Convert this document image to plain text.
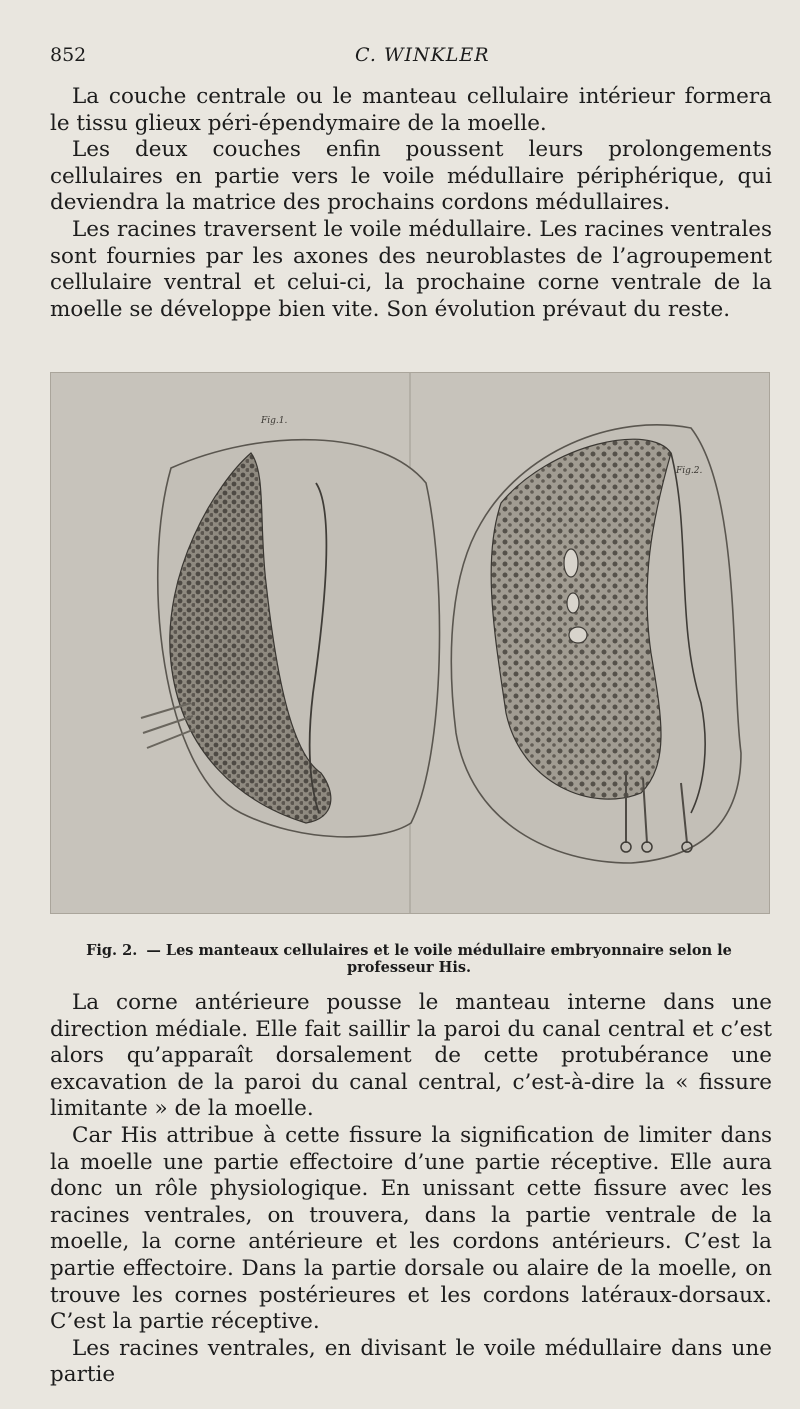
852	C. WINKLER

La couche centrale ou le manteau cellulaire intérieur formera le tissu glieux péri-épendymaire de la moelle.

Les deux couches enfin poussent leurs prolongements cellulaires en partie vers le voile médullaire périphérique, qui deviendra la matrice des prochains cordons médullaires.

Les racines traversent le voile médullaire. Les racines ventrales sont fournies par les axones des neuroblastes de l’agroupement cellulaire ventral et celui-ci, la prochaine corne ventrale de la moelle se développe bien vite. Son évolution prévaut du reste.

Fig.1.
Fig.2.
Fig. 2. — Les manteaux cellulaires et le voile médullaire embryonnaire selon le professeur His.

La corne antérieure pousse le manteau interne dans une direction médiale. Elle fait saillir la paroi du canal central et c’est alors qu’apparaît dorsalement de cette protubérance une excavation de la paroi du canal central, c’est-à-dire la « fissure limitante » de la moelle.

Car His attribue à cette fissure la signification de limiter dans la moelle une partie effectoire d’une partie réceptive. Elle aura donc un rôle physiologique. En unissant cette fissure avec les racines ventrales, on trouvera, dans la partie ventrale de la moelle, la corne antérieure et les cordons antérieurs. C’est la partie effectoire. Dans la partie dorsale ou alaire de la moelle, on trouve les cornes postérieures et les cordons latéraux-dorsaux. C’est la partie réceptive.

Les racines ventrales, en divisant le voile médullaire dans une partie
